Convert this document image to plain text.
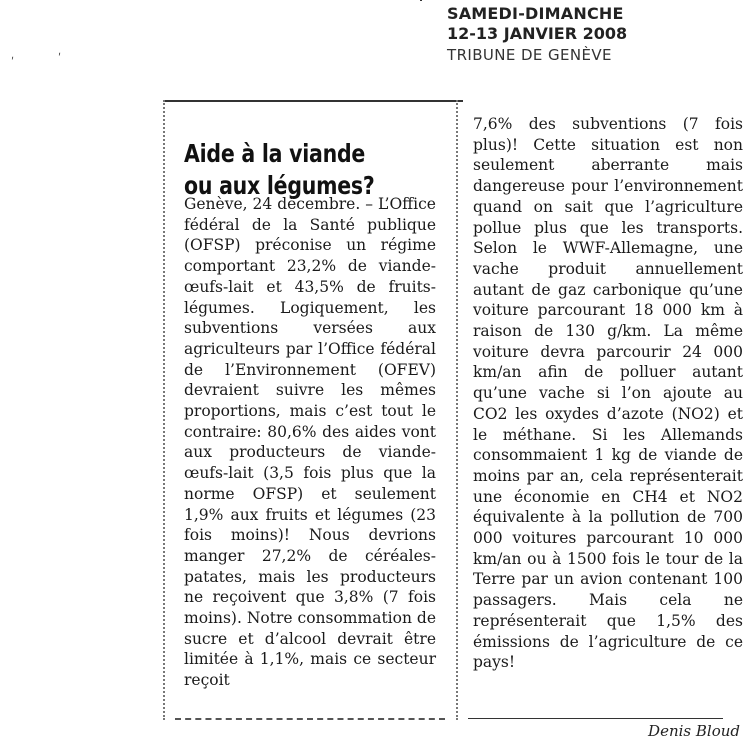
SAMEDI-DIMANCHE
12-13 JANVIER 2008
TRIBUNE DE GENÈVE
ʹ	ʹ
Aide à la viande ou aux légumes?
Genève, 24 décembre. – L’Office fédéral de la Santé publique (OFSP) préconise un régime comportant 23,2% de viande-œufs-lait et 43,5% de fruits-légumes. Logiquement, les subventions versées aux agriculteurs par l’Office fédéral de l’Environnement (OFEV) devraient suivre les mêmes proportions, mais c’est tout le contraire: 80,6% des aides vont aux producteurs de viande-œufs-lait (3,5 fois plus que la norme OFSP) et seulement 1,9% aux fruits et légumes (23 fois moins)! Nous devrions manger 27,2% de céréales-patates, mais les producteurs ne reçoivent que 3,8% (7 fois moins). Notre consommation de sucre et d’alcool devrait être limitée à 1,1%, mais ce secteur reçoit
7,6% des subventions (7 fois plus)! Cette situation est non seulement aberrante mais dangereuse pour l’environnement quand on sait que l’agriculture pollue plus que les transports. Selon le WWF-Allemagne, une vache produit annuellement autant de gaz carbonique qu’une voiture parcourant 18 000 km à raison de 130 g/km. La même voiture devra parcourir 24 000 km/an afin de polluer autant qu’une vache si l’on ajoute au CO2 les oxydes d’azote (NO2) et le méthane. Si les Allemands consommaient 1 kg de viande de moins par an, cela représenterait une économie en CH4 et NO2 équivalente à la pollution de 700 000 voitures parcourant 10 000 km/an ou à 1500 fois le tour de la Terre par un avion contenant 100 passagers. Mais cela ne représenterait que 1,5% des émissions de l’agriculture de ce pays!
Denis Bloud
